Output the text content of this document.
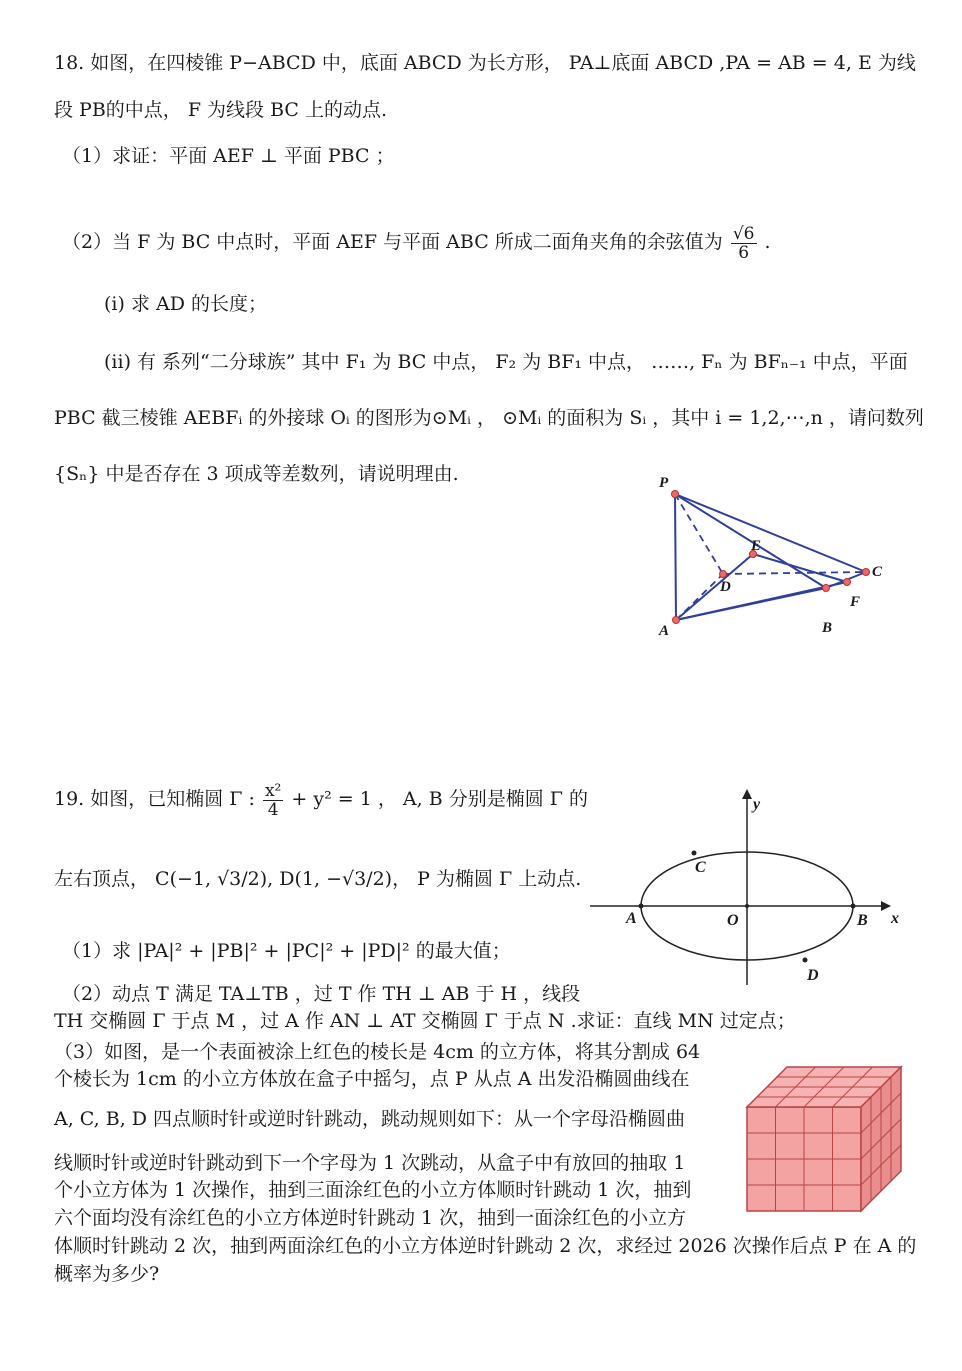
18. 如图，在四棱锥 P−ABCD 中，底面 ABCD 为长方形， PA⊥底面 ABCD ,PA = AB = 4, E 为线
段 PB的中点， F 为线段 BC 上的动点.
（1）求证：平面 AEF ⊥ 平面 PBC ；
（2）当 F 为 BC 中点时，平面 AEF 与平面 ABC 所成二面角夹角的余弦值为 $\frac{√6}{6}$ .
(i) 求 AD 的长度；
(ii) 有 系列“二分球族” 其中 F₁ 为 BC 中点， F₂ 为 BF₁ 中点， ……, Fₙ 为 BFₙ₋₁ 中点，平面
PBC 截三棱锥 AEBFᵢ 的外接球 Oᵢ 的图形为⊙Mᵢ ， ⊙Mᵢ 的面积为 Sᵢ ，其中 i = 1,2,⋯,n ，请问数列
{Sₙ} 中是否存在 3 项成等差数列，请说明理由.	P
E
D
C
F
A	B
19. 如图，已知椭圆 Γ : $\frac{\text{x²}}{4} + y^2 = 1$ ， A, B 分别是椭圆 Γ 的
左右顶点， C(−1, √3/2), D(1, −√3/2)， P 为椭圆 Γ 上动点.
（1）求 |PA|² + |PB|² + |PC|² + |PD|² 的最大值；
（2）动点 T 满足 TA⊥TB ，过 T 作 TH ⊥ AB 于 H ，线段
TH 交椭圆 Γ 于点 M ，过 A 作 AN ⊥ AT 交椭圆 Γ 于点 N .求证：直线 MN 过定点；
（3）如图，是一个表面被涂上红色的棱长是 4cm 的立方体，将其分割成 64
个棱长为 1cm 的小立方体放在盒子中摇匀，点 P 从点 A 出发沿椭圆曲线在
A, C, B, D 四点顺时针或逆时针跳动，跳动规则如下：从一个字母沿椭圆曲
线顺时针或逆时针跳动到下一个字母为 1 次跳动，从盒子中有放回的抽取 1
个小立方体为 1 次操作，抽到三面涂红色的小立方体顺时针跳动 1 次，抽到
六个面均没有涂红色的小立方体逆时针跳动 1 次，抽到一面涂红色的小立方
体顺时针跳动 2 次，抽到两面涂红色的小立方体逆时针跳动 2 次，求经过 2026 次操作后点 P 在 A 的
概率为多少?
y
x
C
A	O	B
D
